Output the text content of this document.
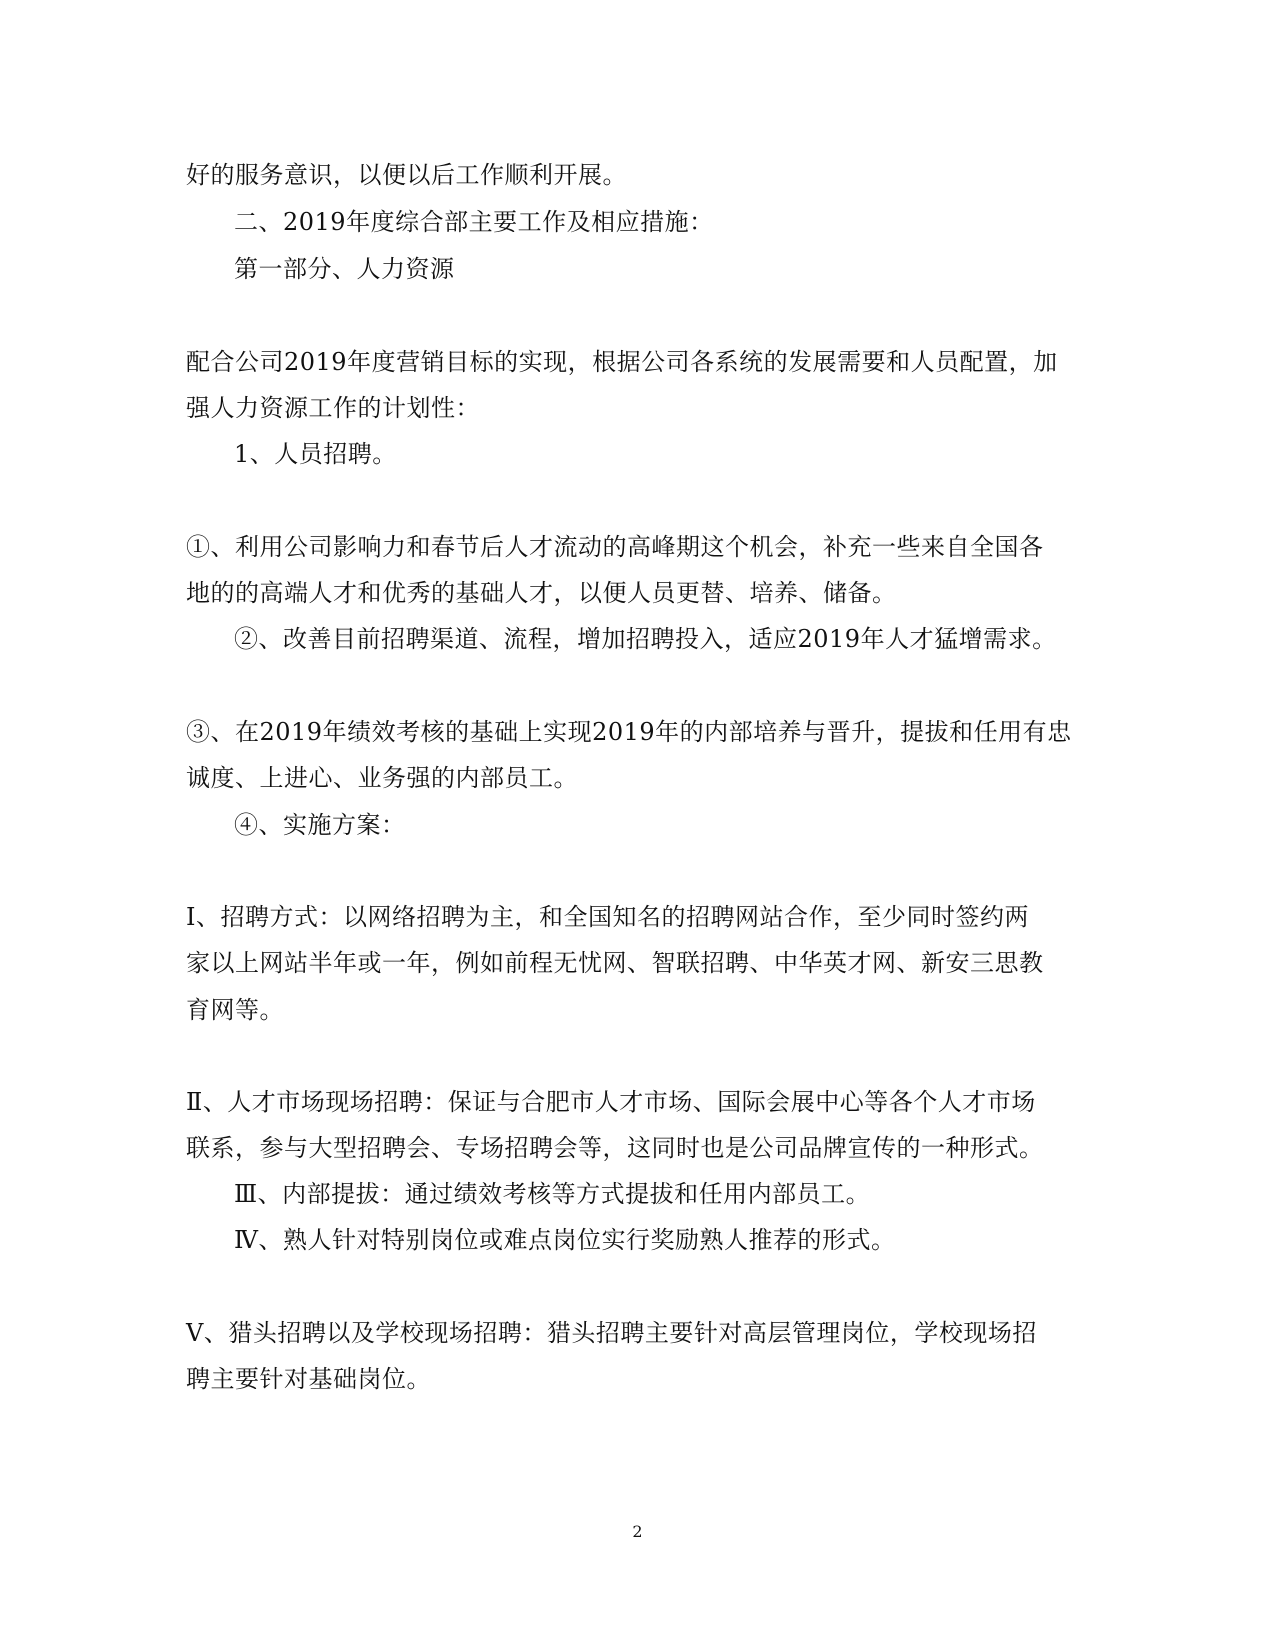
好的服务意识，以便以后工作顺利开展。
二、2019年度综合部主要工作及相应措施：
第一部分、人力资源
配合公司2019年度营销目标的实现，根据公司各系统的发展需要和人员配置，加
强人力资源工作的计划性：
1、人员招聘。
①、利用公司影响力和春节后人才流动的高峰期这个机会，补充一些来自全国各
地的的高端人才和优秀的基础人才，以便人员更替、培养、储备。
②、改善目前招聘渠道、流程，增加招聘投入，适应2019年人才猛增需求。
③、在2019年绩效考核的基础上实现2019年的内部培养与晋升，提拔和任用有忠
诚度、上进心、业务强的内部员工。
④、实施方案：
Ⅰ、招聘方式：以网络招聘为主，和全国知名的招聘网站合作，至少同时签约两
家以上网站半年或一年，例如前程无忧网、智联招聘、中华英才网、新安三思教
育网等。
Ⅱ、人才市场现场招聘：保证与合肥市人才市场、国际会展中心等各个人才市场
联系，参与大型招聘会、专场招聘会等，这同时也是公司品牌宣传的一种形式。
Ⅲ、内部提拔：通过绩效考核等方式提拔和任用内部员工。
Ⅳ、熟人针对特别岗位或难点岗位实行奖励熟人推荐的形式。
Ⅴ、猎头招聘以及学校现场招聘：猎头招聘主要针对高层管理岗位，学校现场招
聘主要针对基础岗位。
2
